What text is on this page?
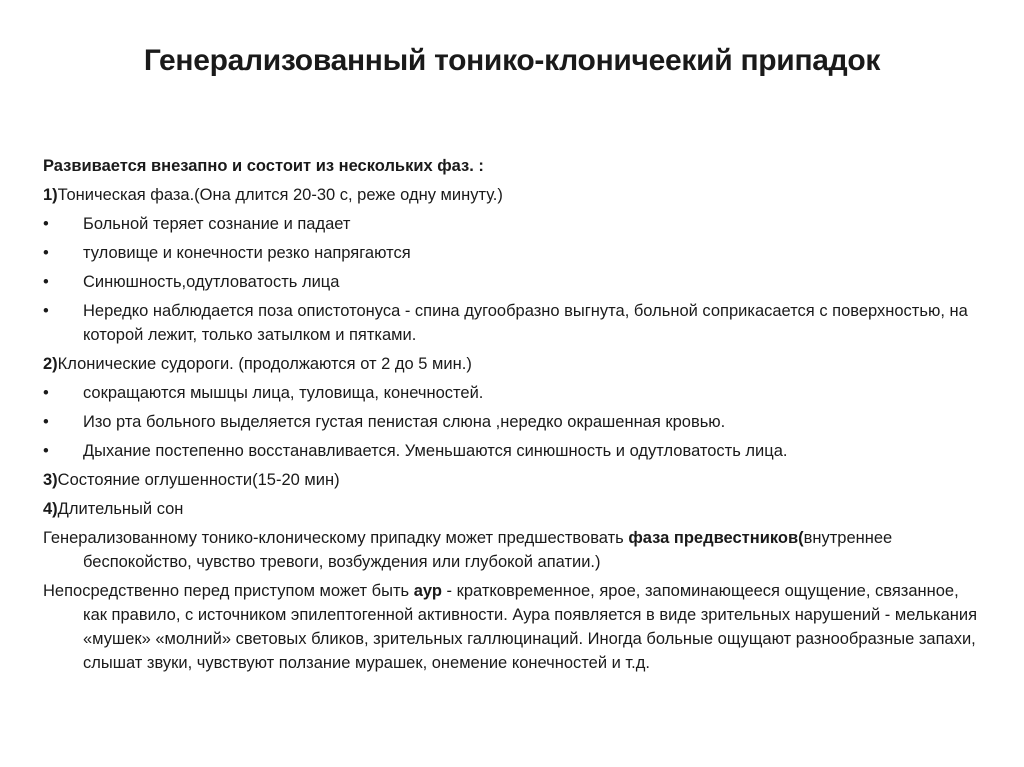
Генерализованный тонико-клоничеекий припадок
Развивается внезапно и состоит из нескольких фаз. :
1)Тоническая фаза.(Она длится 20-30 с, реже одну минуту.)
• Больной теряет сознание и падает
• туловище и конечности резко напрягаются
• Синюшность,одутловатость лица
• Нередко наблюдается поза опистотонуса - спина дугообразно выгнута, больной соприкасается с поверхностью, на которой лежит, только затылком и пятками.
2)Клонические судороги. (продолжаются от 2 до 5 мин.)
• сокращаются мышцы лица, туловища, конечностей.
• Изо рта больного выделяется густая пенистая слюна ,нередко окрашенная кровью.
• Дыхание постепенно восстанавливается. Уменьшаются синюшность и одутловатость лица.
3)Состояние оглушенности(15-20 мин)
4)Длительный сон
Генерализованному тонико-клоническому припадку может предшествовать фаза предвестников(внутреннее беспокойство, чувство тревоги, возбуждения или глубокой апатии.)
Непосредственно перед приступом может быть аур - кратковременное, ярое, запоминающееся ощущение, связанное, как правило, с источником эпилептогенной активности. Аура появляется в виде зрительных нарушений - мелькания «мушек» «молний» световых бликов, зрительных галлюцинаций. Иногда больные ощущают разнообразные запахи, слышат звуки, чувствуют ползание мурашек, онемение конечностей и т.д.
